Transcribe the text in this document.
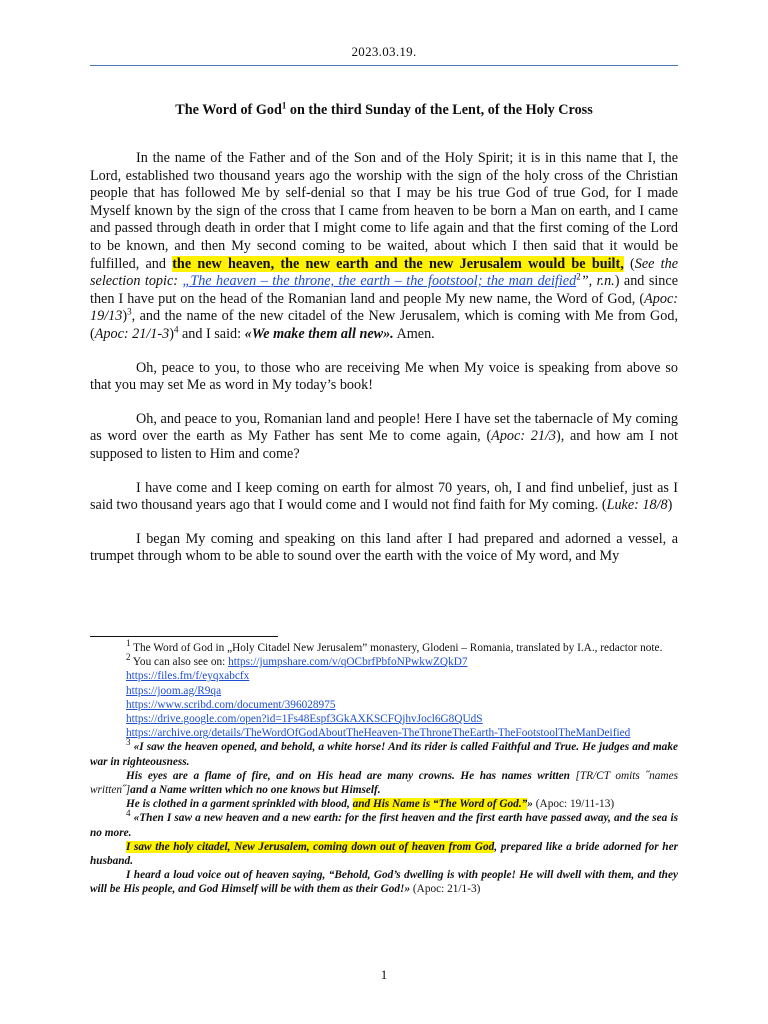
2023.03.19.
The Word of God$^1$ on the third Sunday of the Lent, of the Holy Cross

In the name of the Father and of the Son and of the Holy Spirit; it is in this name that I, the Lord, established two thousand years ago the worship with the sign of the holy cross of the Christian people that has followed Me by self-denial so that I may be his true God of true God, for I made Myself known by the sign of the cross that I came from heaven to be born a Man on earth, and I came and passed through death in order that I might come to life again and that the first coming of the Lord to be known, and then My second coming to be waited, about which I then said that it would be fulfilled, and the new heaven, the new earth and the new Jerusalem would be built, (See the selection topic: „The heaven – the throne, the earth – the footstool; the man deified$^2$”, r.n.) and since then I have put on the head of the Romanian land and people My new name, the Word of God, (Apoc: 19/13)$^3$, and the name of the new citadel of the New Jerusalem, which is coming with Me from God, (Apoc: 21/1-3)$^4$ and I said: «We make them all new». Amen.

Oh, peace to you, to those who are receiving Me when My voice is speaking from above so that you may set Me as word in My today’s book!

Oh, and peace to you, Romanian land and people! Here I have set the tabernacle of My coming as word over the earth as My Father has sent Me to come again, (Apoc: 21/3), and how am I not supposed to listen to Him and come?

I have come and I keep coming on earth for almost 70 years, oh, I and find unbelief, just as I said two thousand years ago that I would come and I would not find faith for My coming. (Luke: 18/8)

I began My coming and speaking on this land after I had prepared and adorned a vessel, a trumpet through whom to be able to sound over the earth with the voice of My word, and My

$^1$ The Word of God in „Holy Citadel New Jerusalem” monastery, Glodeni – Romania, translated by I.A., redactor note.
$^2$ You can also see on: https://jumpshare.com/v/qOCbrfPbfoNPwkwZQkD7
https://files.fm/f/eyqxabcfx
https://joom.ag/R9qa
https://www.scribd.com/document/396028975
https://drive.google.com/open?id=1Fs48Espf3GkAXKSCFQjhvJocl6G8QUdS
https://archive.org/details/TheWordOfGodAboutTheHeaven-TheThroneTheEarth-TheFootstoolTheManDeified
$^3$ «I saw the heaven opened, and behold, a white horse! And its rider is called Faithful and True. He judges and make war in righteousness.
His eyes are a flame of fire, and on His head are many crowns. He has names written [TR/CT omits ˝names written˝]and a Name written which no one knows but Himself.
He is clothed in a garment sprinkled with blood, and His Name is “The Word of God.”» (Apoc: 19/11-13)
$^4$ «Then I saw a new heaven and a new earth: for the first heaven and the first earth have passed away, and the sea is no more.
I saw the holy citadel, New Jerusalem, coming down out of heaven from God, prepared like a bride adorned for her husband.
I heard a loud voice out of heaven saying, “Behold, God’s dwelling is with people! He will dwell with them, and they will be His people, and God Himself will be with them as their God!» (Apoc: 21/1-3)
1
